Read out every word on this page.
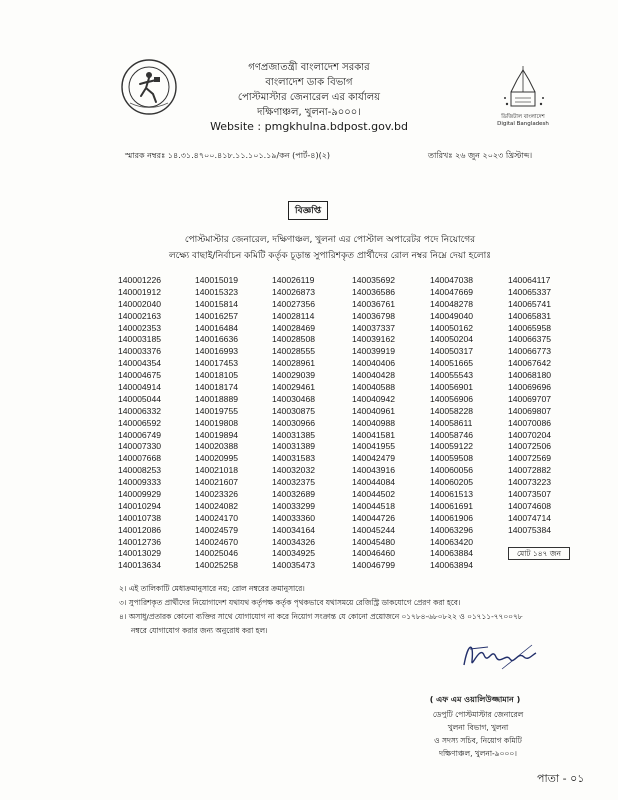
ডিজিটাল বাংলাদেশ
Digital Bangladesh
গণপ্রজাতন্ত্রী বাংলাদেশ সরকার
বাংলাদেশ ডাক বিভাগ
পোস্টমাস্টার জেনারেল এর কার্যালয়
দক্ষিণাঞ্চল, খুলনা-৯০০০।
Website : pmgkhulna.bdpost.gov.bd
স্মারক নম্বরঃ ১৪.৩১.৪৭০০.৪১৮.১১.১০১.১৯/কন (পার্ট-৪)(২)	তারিখঃ ২৬ জুন ২০২৩ খ্রিস্টাব্দ।
বিজ্ঞপ্তি
পোস্টমাস্টার জেনারেল, দক্ষিণাঞ্চল, খুলনা এর পোস্টাল অপারেটর পদে নিয়োগের
লক্ষ্যে বাছাই/নির্বাচন কমিটি কর্তৃক চূড়ান্ত সুপারিশকৃত প্রার্থীদের রোল নম্বর নিম্নে দেয়া হলোঃ
140001226
140001912
140002040
140002163
140002353
140003185
140003376
140004354
140004675
140004914
140005044
140006332
140006592
140006749
140007330
140007668
140008253
140009333
140009929
140010294
140010738
140012086
140012736
140013029
140013634
140015019
140015323
140015814
140016257
140016484
140016636
140016993
140017453
140018105
140018174
140018889
140019755
140019808
140019894
140020388
140020995
140021018
140021607
140023326
140024082
140024170
140024579
140024670
140025046
140025258
140026119
140026873
140027356
140028114
140028469
140028508
140028555
140028961
140029039
140029461
140030468
140030875
140030966
140031385
140031389
140031583
140032032
140032375
140032689
140033299
140033360
140034164
140034326
140034925
140035473
140035692
140036586
140036761
140036798
140037337
140039162
140039919
140040406
140040428
140040588
140040942
140040961
140040988
140041581
140041955
140042479
140043916
140044084
140044502
140044518
140044726
140045244
140045480
140046460
140046799
140047038
140047669
140048278
140049040
140050162
140050204
140050317
140051665
140055543
140056901
140056906
140058228
140058611
140058746
140059122
140059508
140060056
140060205
140061513
140061691
140061906
140063296
140063420
140063884
140063894
140064117
140065337
140065741
140065831
140065958
140066375
140066773
140067642
140068180
140069696
140069707
140069807
140070086
140070204
140072506
140072569
140072882
140073223
140073507
140074608
140074714
140075384
মোট ১৪৭ জন
২। এই তালিকাটি মেধাক্রমানুসারে নয়; রোল নম্বরের ক্রমানুসারে।
৩। সুপারিশকৃত প্রার্থীদের নিয়োগাদেশ যথাযথ কর্তৃপক্ষ কর্তৃক পৃথকভাবে যথাসময়ে রেজিস্ট্রি ডাকযোগে প্রেরণ করা হবে।
৪। অসাধু/প্রতারক কোনো ব্যক্তির সাথে যোগাযোগ না করে নিয়োগ সংক্রান্ত যে কোনো প্রয়োজনে ০১৭৮৪-৬৮০৮২২ ও ০১৭১১-৭৭০০৭৮
নম্বরে যোগাযোগ করার জন্য অনুরোধ করা হল।
( এফ এম ওয়ালিউজ্জামান )
ডেপুটি পোস্টমাস্টার জেনারেল
খুলনা বিভাগ, খুলনা
ও সদস্য সচিব, নিয়োগ কমিটি
দক্ষিণাঞ্চল, খুলনা-৯০০০।
পাতা - ০১
